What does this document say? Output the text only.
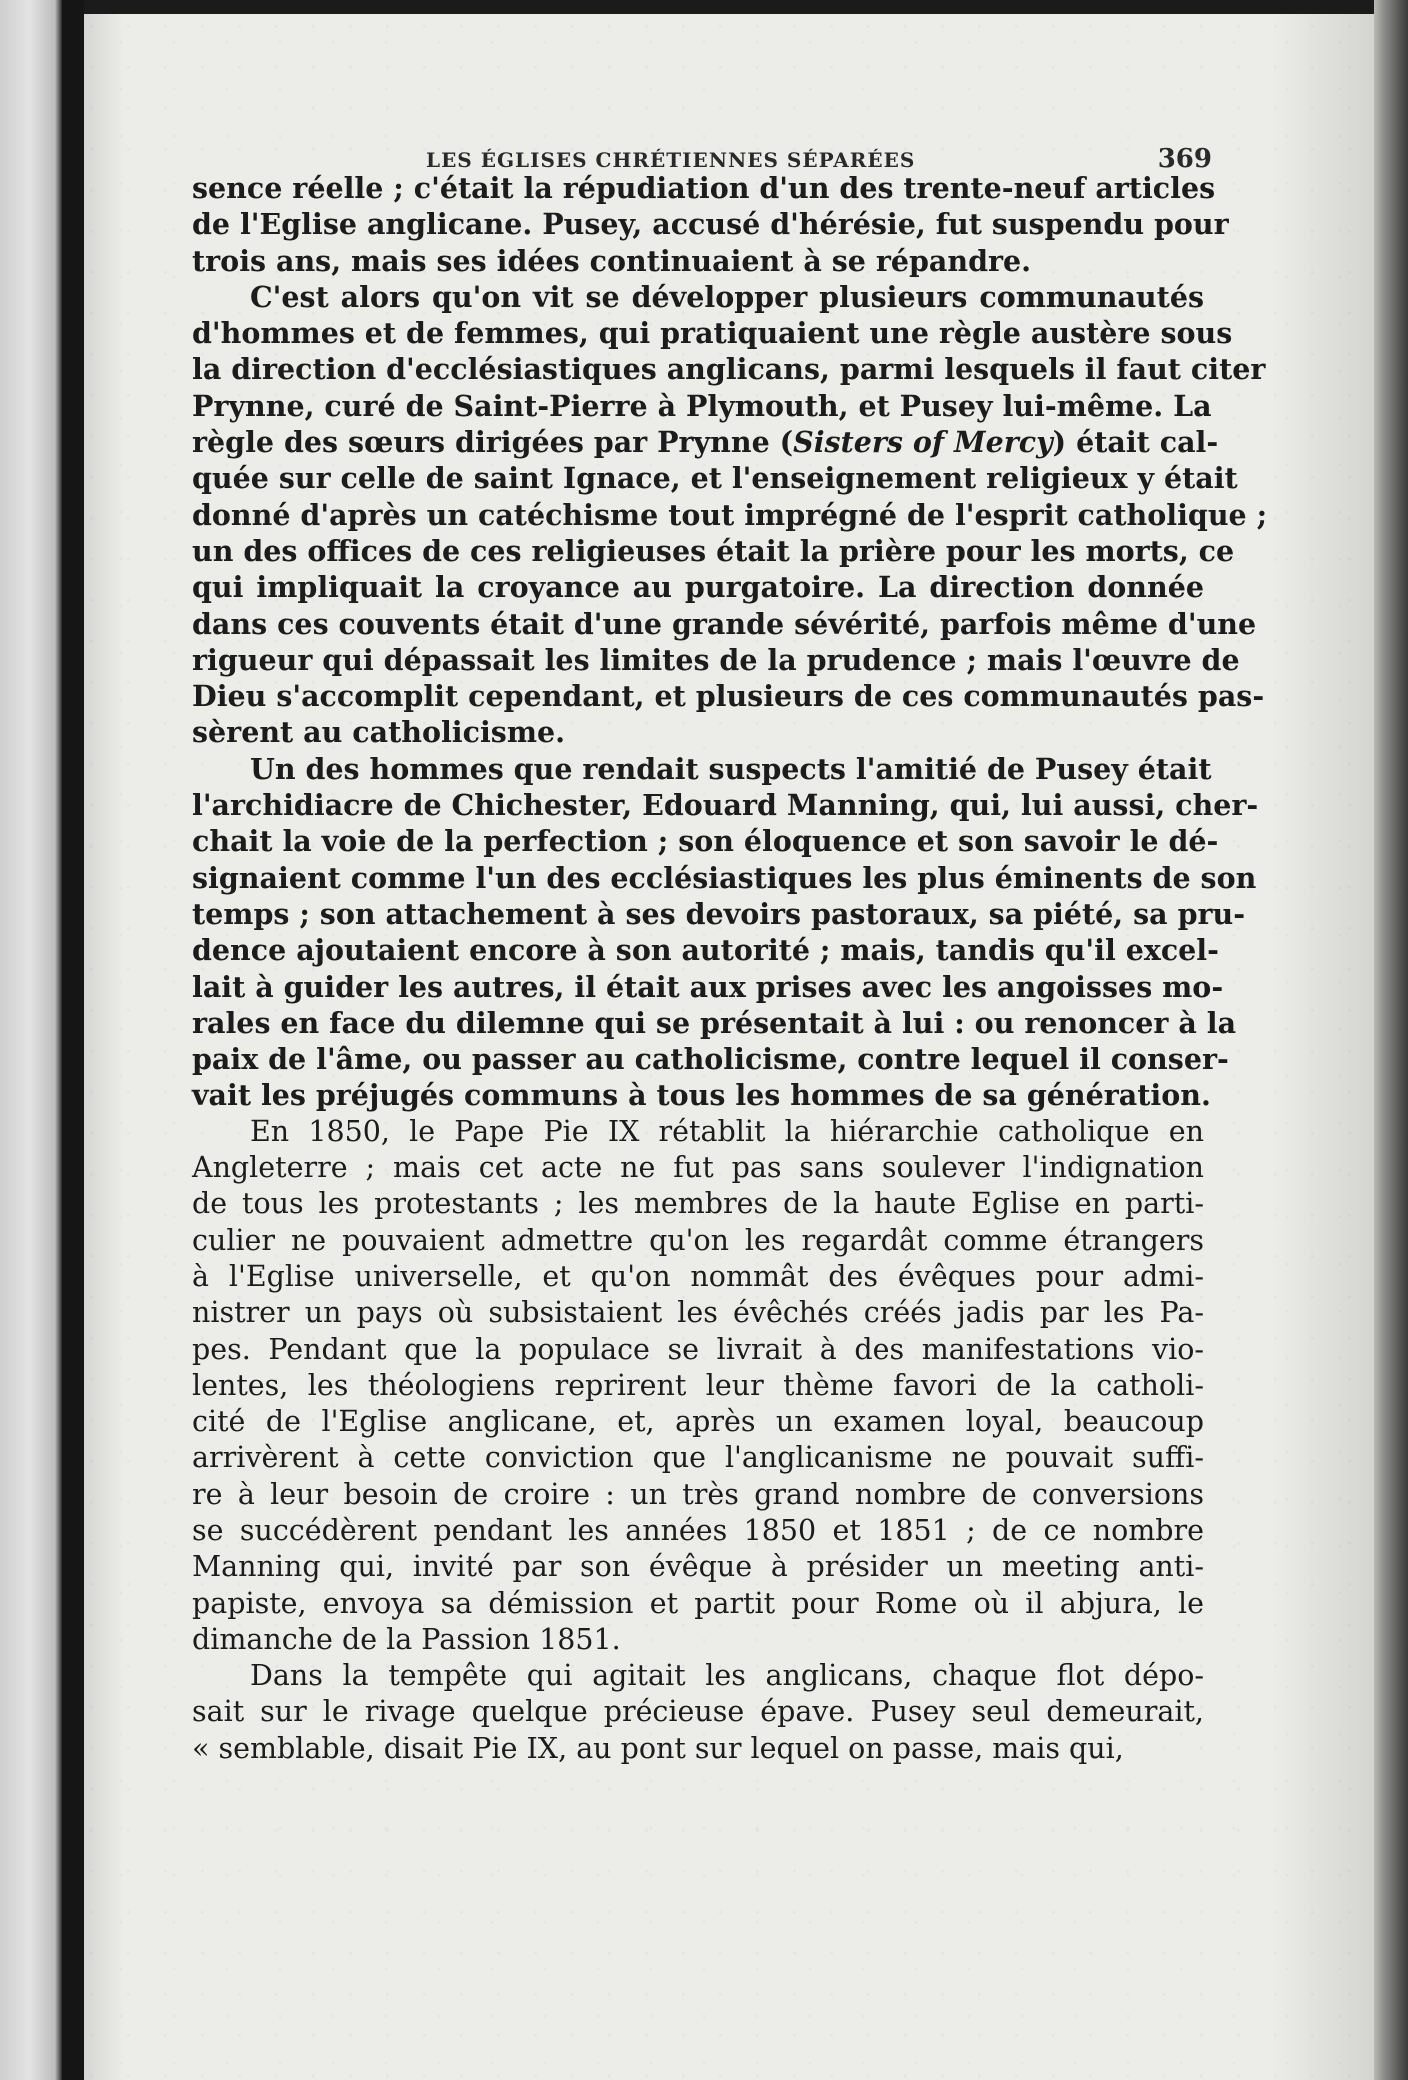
LES ÉGLISES CHRÉTIENNES SÉPARÉES	369

sence réelle ; c'était la répudiation d'un des trente-neuf articles
de l'Eglise anglicane. Pusey, accusé d'hérésie, fut suspendu pour
trois ans, mais ses idées continuaient à se répandre.

C'est alors qu'on vit se développer plusieurs communautés
d'hommes et de femmes, qui pratiquaient une règle austère sous
la direction d'ecclésiastiques anglicans, parmi lesquels il faut citer
Prynne, curé de Saint-Pierre à Plymouth, et Pusey lui-même. La
règle des sœurs dirigées par Prynne (Sisters of Mercy) était cal-
quée sur celle de saint Ignace, et l'enseignement religieux y était
donné d'après un catéchisme tout imprégné de l'esprit catholique ;
un des offices de ces religieuses était la prière pour les morts, ce
qui impliquait la croyance au purgatoire. La direction donnée
dans ces couvents était d'une grande sévérité, parfois même d'une
rigueur qui dépassait les limites de la prudence ; mais l'œuvre de
Dieu s'accomplit cependant, et plusieurs de ces communautés pas-
sèrent au catholicisme.

Un des hommes que rendait suspects l'amitié de Pusey était
l'archidiacre de Chichester, Edouard Manning, qui, lui aussi, cher-
chait la voie de la perfection ; son éloquence et son savoir le dé-
signaient comme l'un des ecclésiastiques les plus éminents de son
temps ; son attachement à ses devoirs pastoraux, sa piété, sa pru-
dence ajoutaient encore à son autorité ; mais, tandis qu'il excel-
lait à guider les autres, il était aux prises avec les angoisses mo-
rales en face du dilemne qui se présentait à lui : ou renoncer à la
paix de l'âme, ou passer au catholicisme, contre lequel il conser-
vait les préjugés communs à tous les hommes de sa génération.

En 1850, le Pape Pie IX rétablit la hiérarchie catholique en
Angleterre ; mais cet acte ne fut pas sans soulever l'indignation
de tous les protestants ; les membres de la haute Eglise en parti-
culier ne pouvaient admettre qu'on les regardât comme étrangers
à l'Eglise universelle, et qu'on nommât des évêques pour admi-
nistrer un pays où subsistaient les évêchés créés jadis par les Pa-
pes. Pendant que la populace se livrait à des manifestations vio-
lentes, les théologiens reprirent leur thème favori de la catholi-
cité de l'Eglise anglicane, et, après un examen loyal, beaucoup
arrivèrent à cette conviction que l'anglicanisme ne pouvait suffi-
re à leur besoin de croire : un très grand nombre de conversions
se succédèrent pendant les années 1850 et 1851 ; de ce nombre
Manning qui, invité par son évêque à présider un meeting anti-
papiste, envoya sa démission et partit pour Rome où il abjura, le
dimanche de la Passion 1851.

Dans la tempête qui agitait les anglicans, chaque flot dépo-
sait sur le rivage quelque précieuse épave. Pusey seul demeurait,
« semblable, disait Pie IX, au pont sur lequel on passe, mais qui,
